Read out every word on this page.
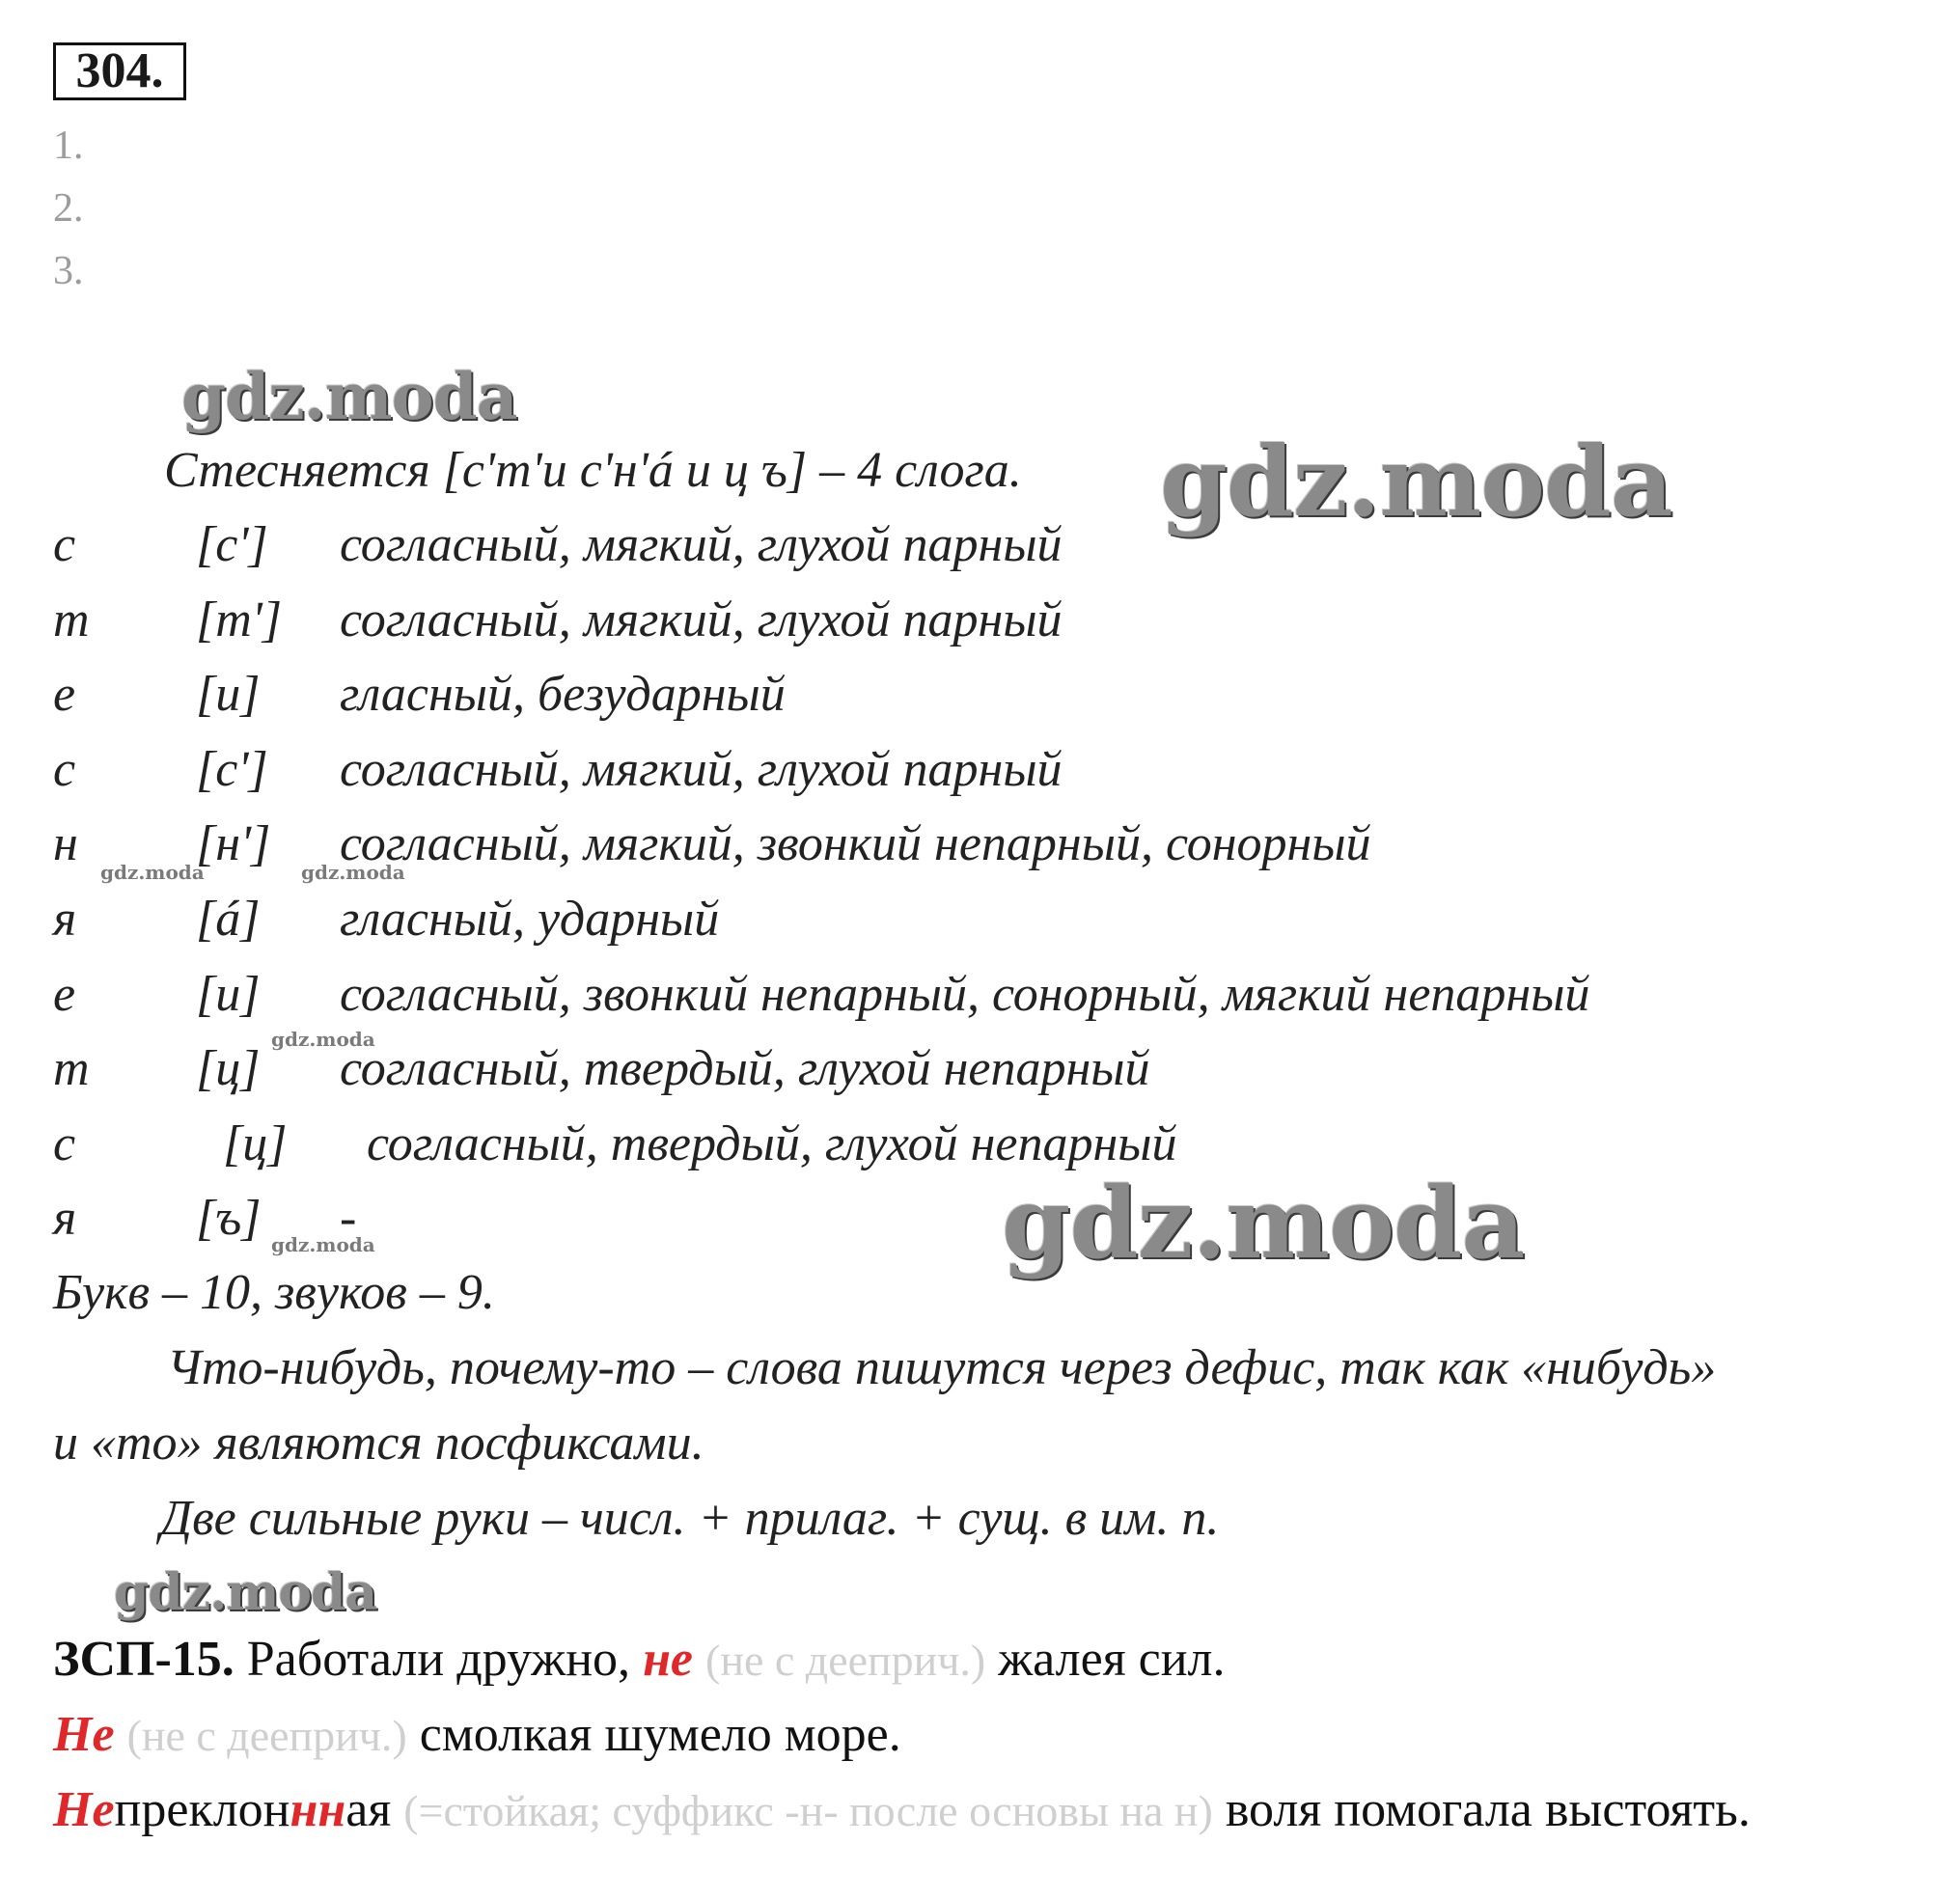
304.
1.
2.
3.
gdz.moda
gdz.moda
gdz.moda
gdz.moda
Стесняется [с'т'и с'н'á и ц ъ] – 4 слога.
с [с'] согласный, мягкий, глухой парный
т [т'] согласный, мягкий, глухой парный
е [и] гласный, безударный
с [с'] согласный, мягкий, глухой парный
н [н'] согласный, мягкий, звонкий непарный, сонорный
я [á] гласный, ударный
е [и] согласный, звонкий непарный, сонорный, мягкий непарный
т [ц] согласный, твердый, глухой непарный
с	[ц] согласный, твердый, глухой непарный
я [ъ] -
gdz.moda	gdz.moda
gdz.moda
gdz.moda
Букв – 10, звуков – 9.
Что-нибудь, почему-то – слова пишутся через дефис, так как «нибудь»
и «то» являются посфиксами.
Две сильные руки – числ. + прилаг. + сущ. в им. п.
ЗСП-15. Работали дружно, не (не с дееприч.) жалея сил.
Не (не с дееприч.) смолкая шумело море.
Непреклоннная (=стойкая; суффикс -н- после основы на н) воля помогала выстоять.
